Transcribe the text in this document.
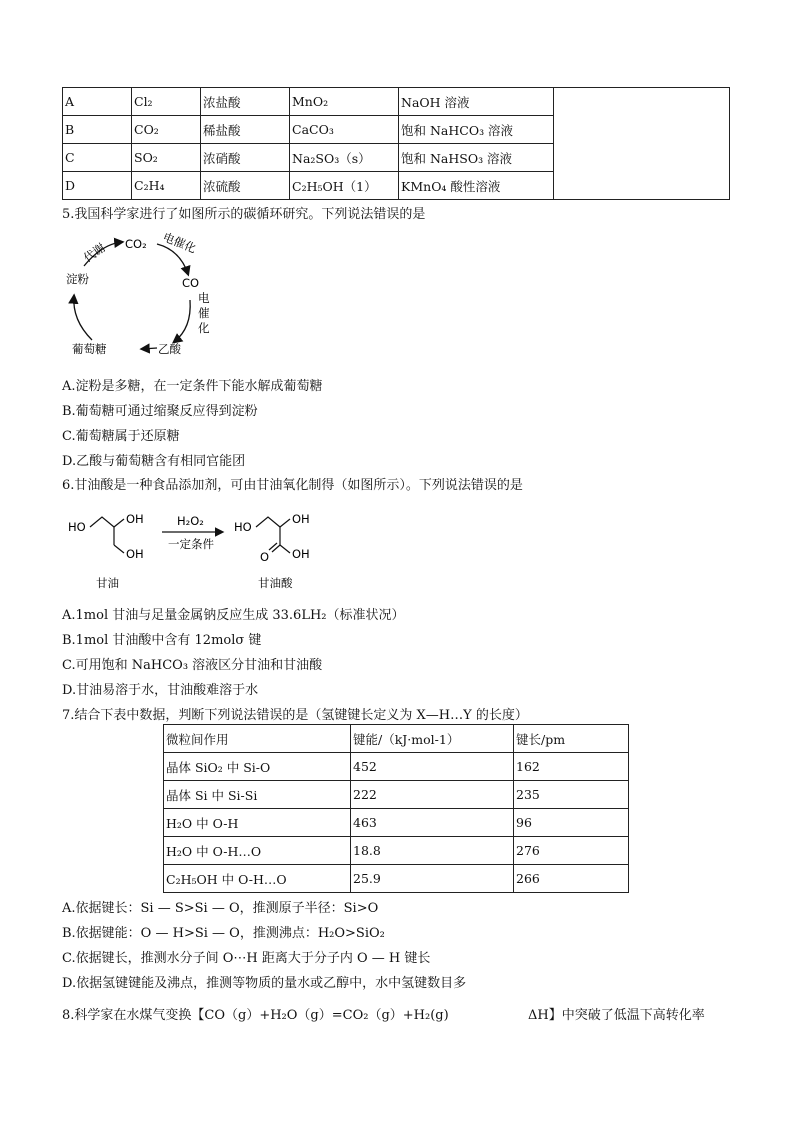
A	Cl₂	浓盐酸	MnO₂	NaOH 溶液	
B	CO₂	稀盐酸	CaCO₃	饱和 NaHCO₃ 溶液	
C	SO₂	浓硝酸	Na₂SO₃（s）	饱和 NaHSO₃ 溶液	
D	C₂H₄	浓硫酸	C₂H₅OH（1）	KMnO₄ 酸性溶液	
5.我国科学家进行了如图所示的碳循环研究。下列说法错误的是
CO₂
CO
乙酸
葡萄糖
淀粉
电催化
电
催
化
代谢
A.淀粉是多糖，在一定条件下能水解成葡萄糖
B.葡萄糖可通过缩聚反应得到淀粉
C.葡萄糖属于还原糖
D.乙酸与葡萄糖含有相同官能团
6.甘油酸是一种食品添加剂，可由甘油氧化制得（如图所示）。下列说法错误的是
HO
OH
OH
H₂O₂
一定条件
HO
OH
O OH
甘油	甘油酸
A.1mol 甘油与足量金属钠反应生成 33.6LH₂（标准状况）
B.1mol 甘油酸中含有 12molσ 键
C.可用饱和 NaHCO₃ 溶液区分甘油和甘油酸
D.甘油易溶于水，甘油酸难溶于水
7.结合下表中数据，判断下列说法错误的是（氢键键长定义为 X—H…Y 的长度）
微粒间作用	键能/（kJ·mol-1）	键长/pm
晶体 SiO₂ 中 Si-O	452	162
晶体 Si 中 Si-Si	222	235
H₂O 中 O-H	463	96
H₂O 中 O-H…O	18.8	276
C₂H₅OH 中 O-H…O	25.9	266
A.依据键长：Si — S>Si — O，推测原子半径：Si>O
B.依据键能：O — H>Si — O，推测沸点：H₂O>SiO₂
C.依据键长，推测水分子间 O⋯H 距离大于分子内 O — H 键长
D.依据氢键键能及沸点，推测等物质的量水或乙醇中，水中氢键数目多
8.科学家在水煤气变换【CO（g）+H₂O（g）=CO₂（g）+H₂(g)	ΔH】中突破了低温下高转化率
